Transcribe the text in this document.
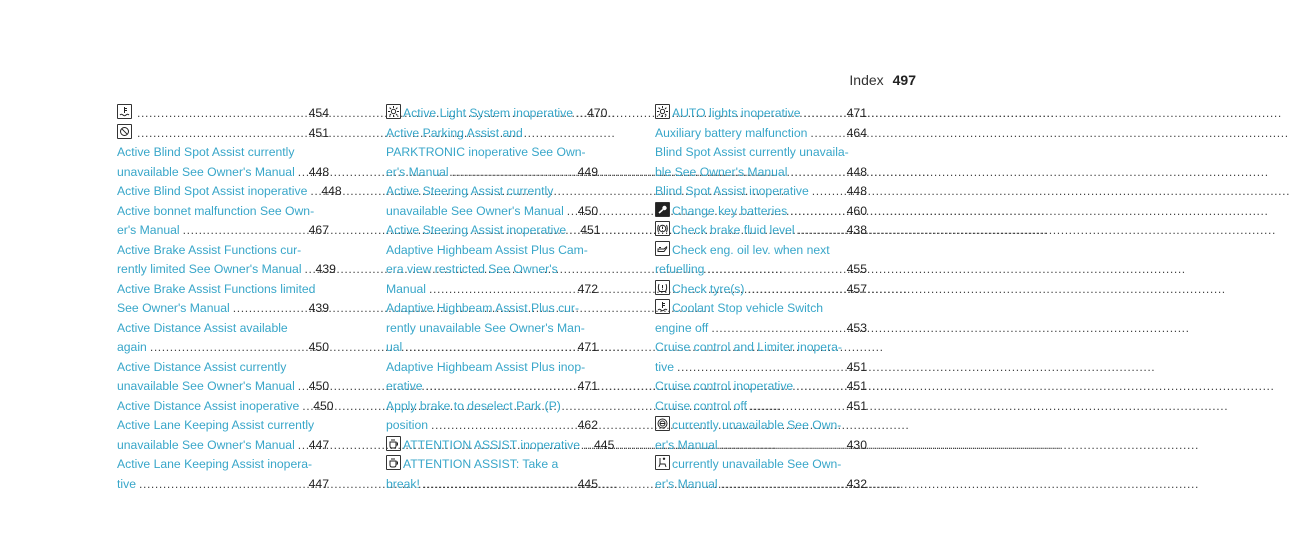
Index 497
.....
454
.....
451
Active Blind Spot Assist currently
unavailable See Owner's Manual ..... 448
Active Blind Spot Assist inoperative ..... 448
Active bonnet malfunction See Own-
er's Manual .....	467
Active Brake Assist Functions cur-
rently limited See Owner's Manual ..... 439
Active Brake Assist Functions limited
See Owner's Manual .....	439
Active Distance Assist available
again .....	450
Active Distance Assist currently
unavailable See Owner's Manual ..... 450
Active Distance Assist inoperative ..... 450
Active Lane Keeping Assist currently
unavailable See Owner's Manual ..... 447
Active Lane Keeping Assist inopera-
tive .....	447
Active Light System inoperative ..... 470
Active Parking Assist and
PARKTRONIC inoperative See Own-
er's Manual .....	449
Active Steering Assist currently
unavailable See Owner's Manual ..... 450
Active Steering Assist inoperative ..... 451
Adaptive Highbeam Assist Plus Cam-
era view restricted See Owner's
Manual .....	472
Adaptive Highbeam Assist Plus cur-
rently unavailable See Owner's Man-
ual .....	471
Adaptive Highbeam Assist Plus inop-
erative .....	471
Apply brake to deselect Park (P)
position .....	462
ATTENTION ASSIST inoperative ..... 445
ATTENTION ASSIST: Take a
break! .....	445
AUTO lights inoperative .....	471
Auxiliary battery malfunction .....	464
Blind Spot Assist currently unavaila-
ble See Owner's Manual .....	448
Blind Spot Assist inoperative .....	448
Change key batteries .....	460
Check brake fluid level .....	438
Check eng. oil lev. when next
refuelling .....	455
Check tyre(s) .....	457
Coolant Stop vehicle Switch
engine off .....	453
Cruise control and Limiter inopera-
tive .....	451
Cruise control inoperative .....	451
Cruise control off .....	451
currently unavailable See Own-
er's Manual .....	430
currently unavailable See Own-
er's Manual .....	432
